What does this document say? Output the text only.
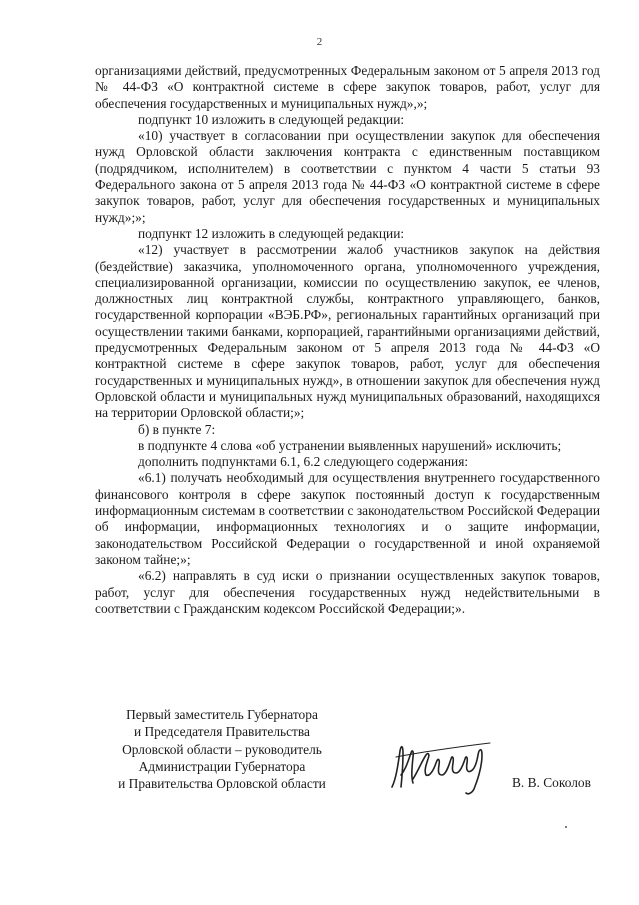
2

организациями действий, предусмотренных Федеральным законом от 5 апреля 2013 год № 44-ФЗ «О контрактной системе в сфере закупок товаров, работ, услуг для обеспечения государственных и муниципальных нужд»,»;

подпункт 10 изложить в следующей редакции:

«10) участвует в согласовании при осуществлении закупок для обеспечения нужд Орловской области заключения контракта с единственным поставщиком (подрядчиком, исполнителем) в соответствии с пунктом 4 части 5 статьи 93 Федерального закона от 5 апреля 2013 года № 44-ФЗ «О контрактной системе в сфере закупок товаров, работ, услуг для обеспечения государственных и муниципальных нужд»;»;

подпункт 12 изложить в следующей редакции:

«12) участвует в рассмотрении жалоб участников закупок на действия (бездействие) заказчика, уполномоченного органа, уполномоченного учреждения, специализированной организации, комиссии по осуществлению закупок, ее членов, должностных лиц контрактной службы, контрактного управляющего, банков, государственной корпорации «ВЭБ.РФ», региональных гарантийных организаций при осуществлении такими банками, корпорацией, гарантийными организациями действий, предусмотренных Федеральным законом от 5 апреля 2013 года № 44-ФЗ «О контрактной системе в сфере закупок товаров, работ, услуг для обеспечения государственных и муниципальных нужд», в отношении закупок для обеспечения нужд Орловской области и муниципальных нужд муниципальных образований, находящихся на территории Орловской области;»;

б) в пункте 7:

в подпункте 4 слова «об устранении выявленных нарушений» исключить;

дополнить подпунктами 6.1, 6.2 следующего содержания:

«6.1) получать необходимый для осуществления внутреннего государственного финансового контроля в сфере закупок постоянный доступ к государственным информационным системам в соответствии с законодательством Российской Федерации об информации, информационных технологиях и о защите информации, законодательством Российской Федерации о государственной и иной охраняемой законом тайне;»;

«6.2) направлять в суд иски о признании осуществленных закупок товаров, работ, услуг для обеспечения государственных нужд недействительными в соответствии с Гражданским кодексом Российской Федерации;».

Первый заместитель Губернатора
и Председателя Правительства
Орловской области – руководитель
Администрации Губернатора
и Правительства Орловской области	В. В. Соколов
